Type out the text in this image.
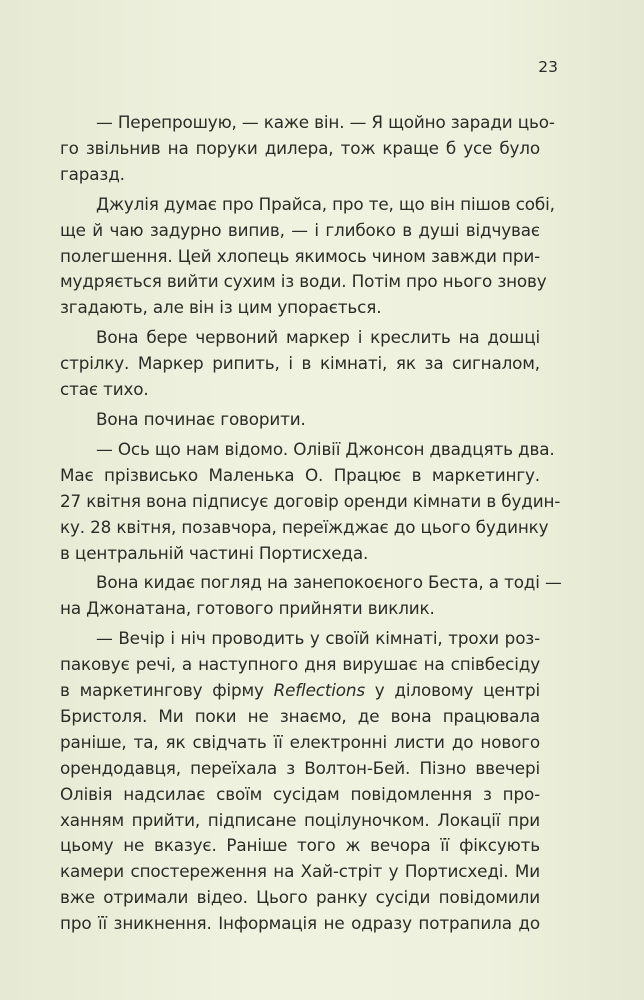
23
— Перепрошую, — каже він. — Я щойно заради цьо-
го звільнив на поруки дилера, тож краще б усе було
гаразд.
Джулія думає про Прайса, про те, що він пішов собі,
ще й чаю задурно випив, — і глибоко в душі відчуває
полегшення. Цей хлопець якимось чином завжди при-
мудряється вийти сухим із води. Потім про нього знову
згадають, але він із цим упорається.
Вона бере червоний маркер і креслить на дошці
стрілку. Маркер рипить, і в кімнаті, як за сигналом,
стає тихо.
Вона починає говорити.
— Ось що нам відомо. Олівії Джонсон двадцять два.
Має прізвисько Маленька О. Працює в маркетингу.
27 квітня вона підписує договір оренди кімнати в будин-
ку. 28 квітня, позавчора, переїжджає до цього будинку
в центральній частині Портисхеда.
Вона кидає погляд на занепокоєного Беста, а тоді —
на Джонатана, готового прийняти виклик.
— Вечір і ніч проводить у своїй кімнаті, трохи роз-
паковує речі, а наступного дня вирушає на співбесіду
в маркетингову фірму Reflections у діловому центрі
Бристоля. Ми поки не знаємо, де вона працювала
раніше, та, як свідчать її електронні листи до нового
орендодавця, переїхала з Волтон-Бей. Пізно ввечері
Олівія надсилає своїм сусідам повідомлення з про-
ханням прийти, підписане поцілуночком. Локації при
цьому не вказує. Раніше того ж вечора її фіксують
камери спостереження на Хай-стріт у Портисхеді. Ми
вже отримали відео. Цього ранку сусіди повідомили
про її зникнення. Інформація не одразу потрапила до
